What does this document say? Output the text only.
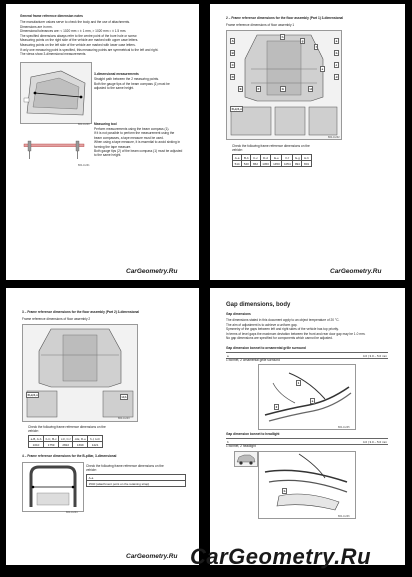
General frame reference dimension notes
The manufacturer values serve to check the body and the use of attachments.
Dimensions are in mm.
Dimensional tolerances are: < 1020 mm = ± 1 mm, > 1020 mm = ± 1.5 mm.
The specified dimensions always refer to the centre point of the bore hole or screw.
Measuring points on the right side of the vehicle are marked with upper case letters.
Measuring points on the left side of the vehicle are marked with lower case letters.
If only one measuring point is specified, this measuring points are symmetrical to the left and right.
The views show 3-dimensional measurements.
B64-11290
3-dimensional measurements
Straight path between the 2 measuring points.
Both the gauge tips of the beam compass (1) must be
adjusted to the same height.
B64-11291
Measuring tool
Perform measurements using the beam compass (1).
If it is not possible to perform the measurement using the
beam compasses, a tape measure must be used.
When using a tape measure, it is essential to avoid sinking in
forming the tape measure.
Both gauge tips (2) of the beam compass (1) must be adjusted
to the same height.
CarGeometry.Ru
2 – Frame reference dimensions for the floor assembly (Part 1) 3-dimensional
Frame reference dimensions of floor assembly 1
A
B
C
D
E	F	G	H
a
b
c
d
e
f
g
h
D,d,X,x
B64-11292
Check the following frame reference dimensions on the
vehicle:
A-a	B-b	C-c	D-d	E-e	F-f	G-g	H-h
514	520	862	1450	1450	1054	994	801
CarGeometry.Ru
3 – Frame reference dimensions for the floor assembly (Part 2) 3-dimensional
Frame reference dimensions of floor assembly 2
D,d,X,x	H,h
B64-11293
Check the following frame reference dimensions on the
vehicle:
a-B, A-b	b-C, B-c	c-F, C-f	d-E, D-e	h-I, H-h
1010	1759	2822	1699	1421
4 – Frame reference dimensions for the B-pillar, 3-dimensional
B64-11294
Check the following frame reference dimensions on the
vehicle:
A-a
1540 (attachment point on the retaining strap)
CarGeometry.Ru
Gap dimensions, body
Gap dimensions
The dimensions stated in this document apply to an object temperature of 20 °C.
The aim of adjustment is to achieve a uniform gap.
Symmetry of the gaps between left and right sides of the vehicle has top priority.
In terms of level gaps the maximum deviation between the front and rear door gap may be 1.0 mm.
No gap dimensions are specified for components which cannot be adjusted.
Gap dimension bonnet to ornamental grille surround
a	4.0 | 3.0 – 5.0 mm
1 bonnet, 2 ornamental grille surround
1
2
a
B64-11295
Gap dimension bonnet to headlight
b	4.0 | 3.0 – 5.0 mm
1 bonnet, 2 headlight
b
B64-11296
CarGeometry.Ru
